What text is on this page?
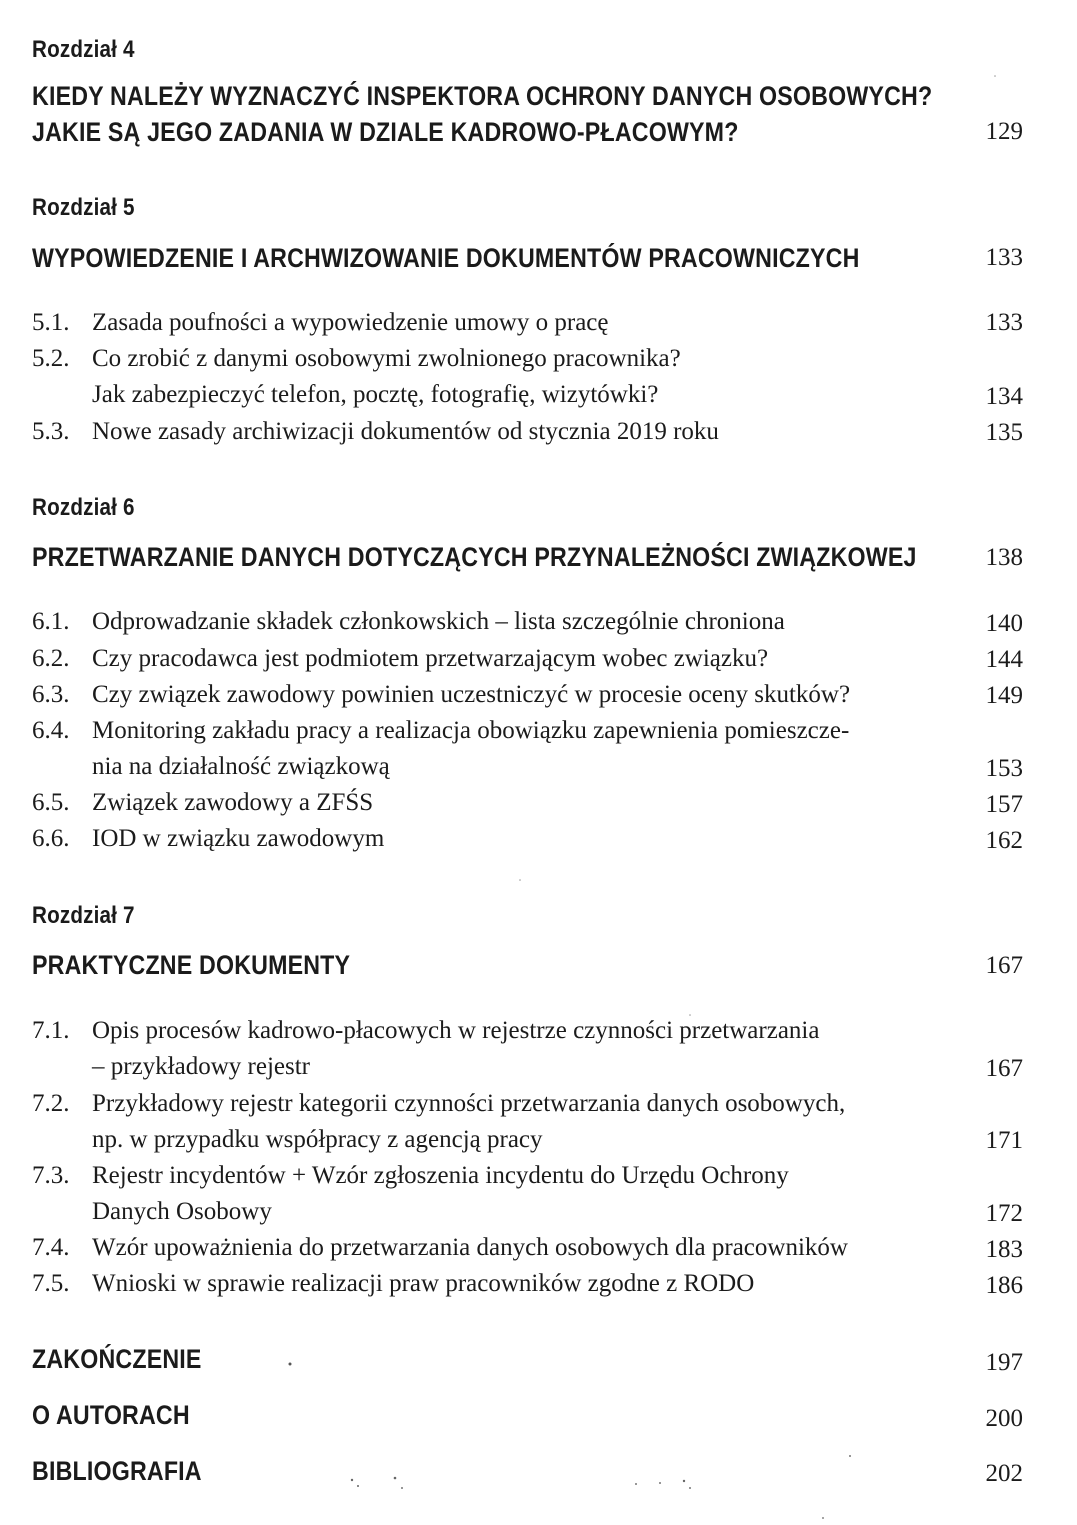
Rozdział 4
KIEDY NALEŻY WYZNACZYĆ INSPEKTORA OCHRONY DANYCH OSOBOWYCH?
JAKIE SĄ JEGO ZADANIA W DZIALE KADROWO-PŁACOWYM?	129
Rozdział 5
WYPOWIEDZENIE I ARCHWIZOWANIE DOKUMENTÓW PRACOWNICZYCH	133
5.1. Zasada poufności a wypowiedzenie umowy o pracę	133
5.2. Co zrobić z danymi osobowymi zwolnionego pracownika?
Jak zabezpieczyć telefon, pocztę, fotografię, wizytówki?	134
5.3. Nowe zasady archiwizacji dokumentów od stycznia 2019 roku	135
Rozdział 6
PRZETWARZANIE DANYCH DOTYCZĄCYCH PRZYNALEŻNOŚCI ZWIĄZKOWEJ	138
6.1. Odprowadzanie składek członkowskich – lista szczególnie chroniona	140
6.2. Czy pracodawca jest podmiotem przetwarzającym wobec związku?	144
6.3. Czy związek zawodowy powinien uczestniczyć w procesie oceny skutków?	149
6.4. Monitoring zakładu pracy a realizacja obowiązku zapewnienia pomieszcze-
nia na działalność związkową	153
6.5. Związek zawodowy a ZFŚS	157
6.6. IOD w związku zawodowym	162
Rozdział 7
PRAKTYCZNE DOKUMENTY	167
7.1. Opis procesów kadrowo-płacowych w rejestrze czynności przetwarzania
– przykładowy rejestr	167
7.2. Przykładowy rejestr kategorii czynności przetwarzania danych osobowych,
np. w przypadku współpracy z agencją pracy	171
7.3. Rejestr incydentów + Wzór zgłoszenia incydentu do Urzędu Ochrony
Danych Osobowy	172
7.4. Wzór upoważnienia do przetwarzania danych osobowych dla pracowników	183
7.5. Wnioski w sprawie realizacji praw pracowników zgodne z RODO	186
ZAKOŃCZENIE	197
O AUTORACH	200
BIBLIOGRAFIA	202
